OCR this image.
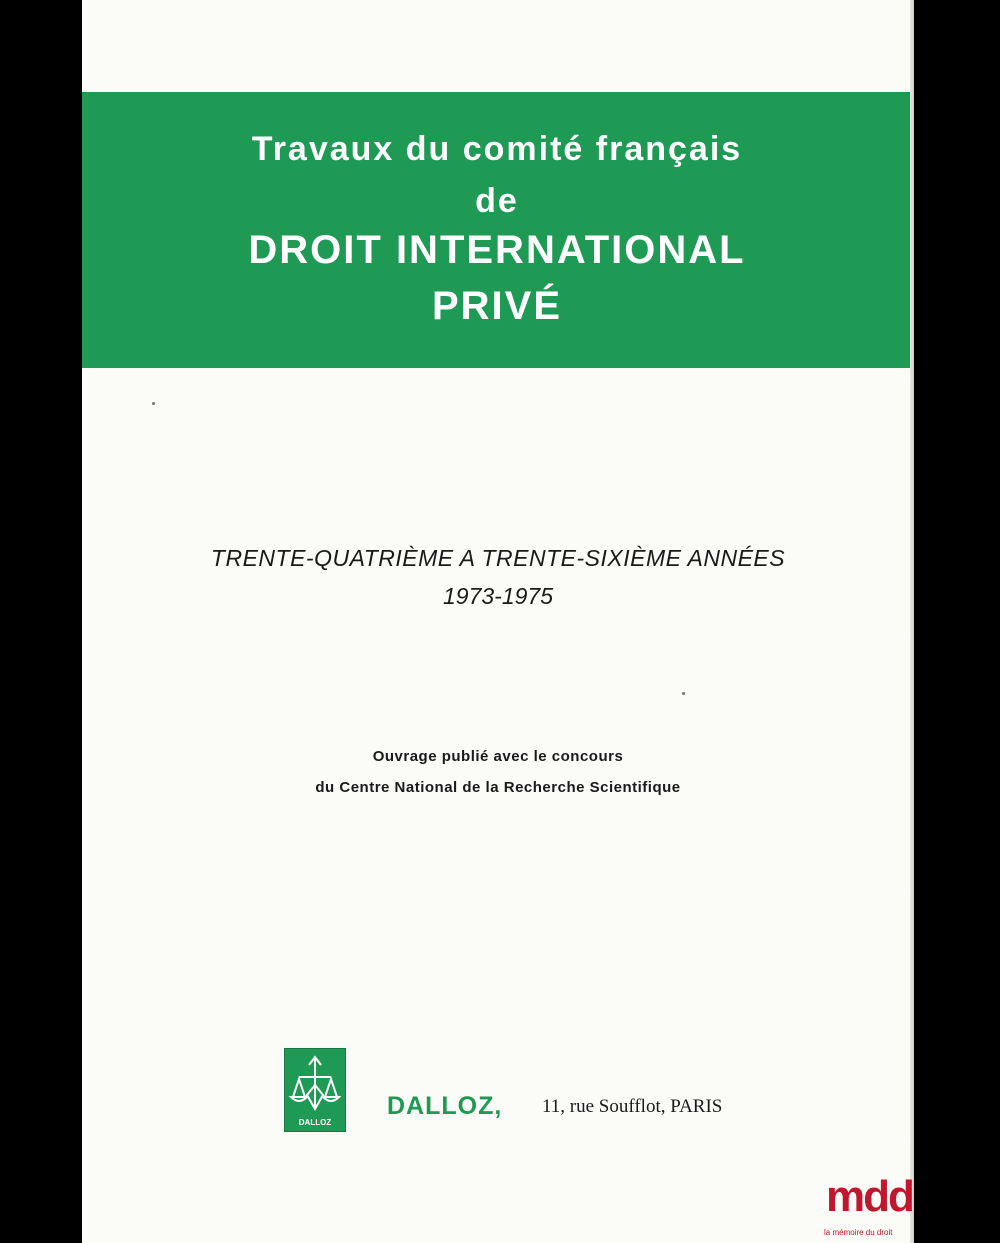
Travaux du comité français
de
DROIT INTERNATIONAL
PRIVÉ
TRENTE-QUATRIÈME A TRENTE-SIXIÈME ANNÉES
1973-1975
Ouvrage publié avec le concours
du Centre National de la Recherche Scientifique
DALLOZ
DALLOZ, 11, rue Soufflot, PARIS
mdd
la mémoire du droit
